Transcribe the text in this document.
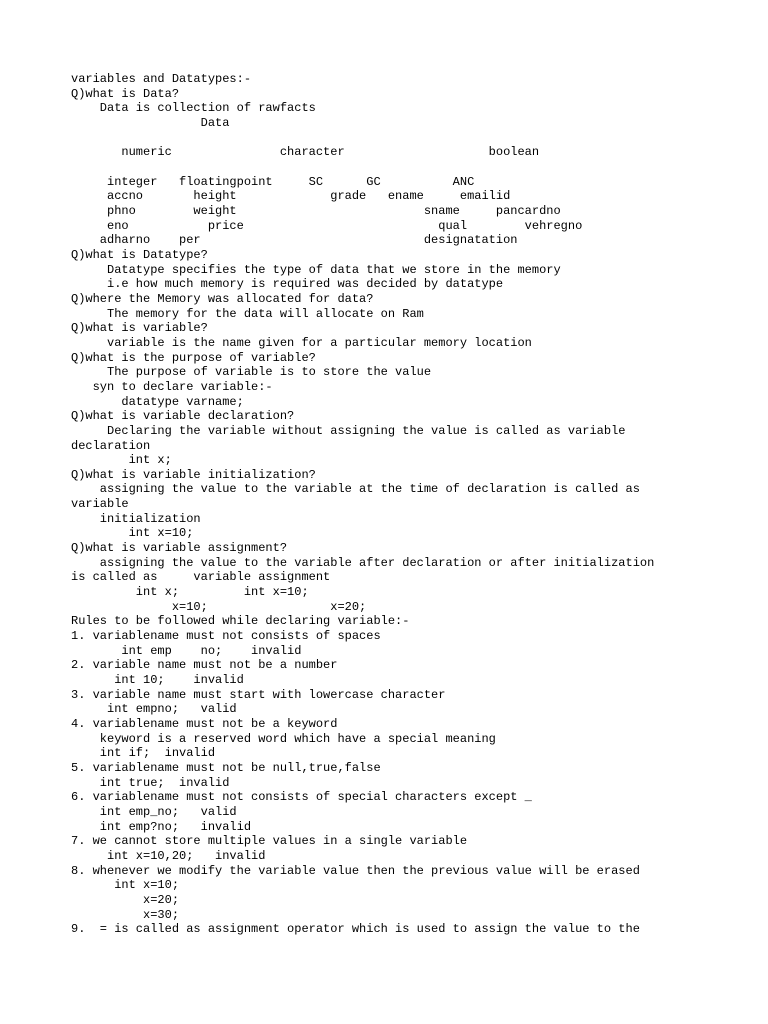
variables and Datatypes:-
Q)what is Data?
Data is collection of rawfacts
Data
numeric               character                    boolean
integer   floatingpoint     SC      GC          ANC
accno       height             grade   ename     emailid
phno        weight                          sname     pancardno
eno           price                           qual        vehregno
adharno    per                               designatation
Q)what is Datatype?
Datatype specifies the type of data that we store in the memory
i.e how much memory is required was decided by datatype
Q)where the Memory was allocated for data?
The memory for the data will allocate on Ram
Q)what is variable?
variable is the name given for a particular memory location
Q)what is the purpose of variable?
The purpose of variable is to store the value
syn to declare variable:-
datatype varname;
Q)what is variable declaration?
Declaring the variable without assigning the value is called as variable
declaration
int x;
Q)what is variable initialization?
assigning the value to the variable at the time of declaration is called as
variable
initialization
int x=10;
Q)what is variable assignment?
assigning the value to the variable after declaration or after initialization
is called as     variable assignment
int x;         int x=10;
x=10;                 x=20;
Rules to be followed while declaring variable:-
1. variablename must not consists of spaces
int emp    no;    invalid
2. variable name must not be a number
int 10;    invalid
3. variable name must start with lowercase character
int empno;   valid
4. variablename must not be a keyword
keyword is a reserved word which have a special meaning
int if;  invalid
5. variablename must not be null,true,false
int true;  invalid
6. variablename must not consists of special characters except _
int emp_no;   valid
int emp?no;   invalid
7. we cannot store multiple values in a single variable
int x=10,20;   invalid
8. whenever we modify the variable value then the previous value will be erased
int x=10;
x=20;
x=30;
9.  = is called as assignment operator which is used to assign the value to the
